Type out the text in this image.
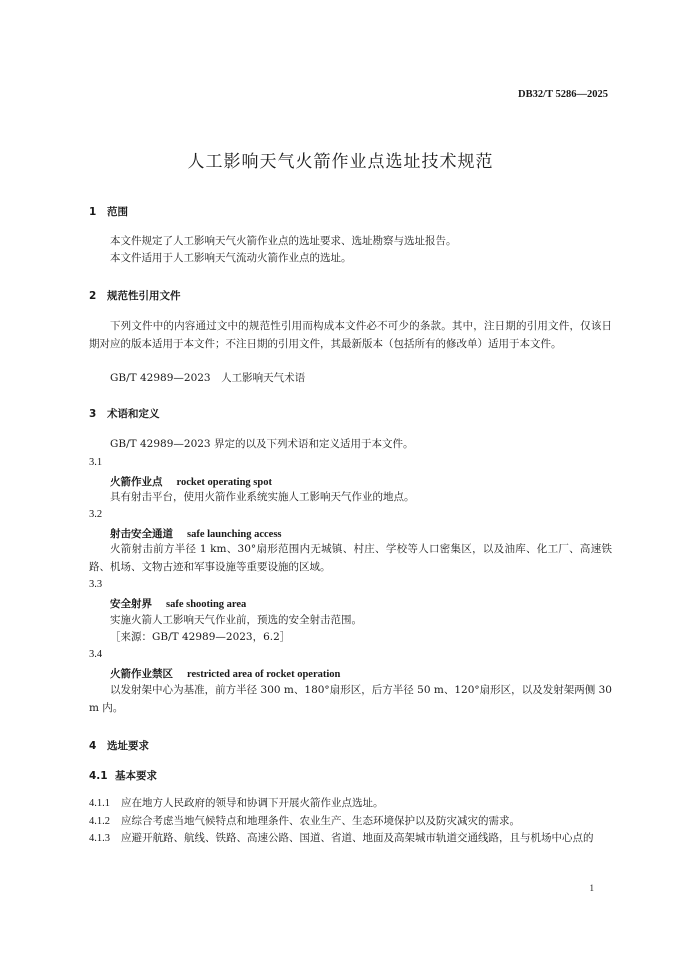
DB32/T 5286—2025
人工影响天气火箭作业点选址技术规范
1 范围
本文件规定了人工影响天气火箭作业点的选址要求、选址勘察与选址报告。
本文件适用于人工影响天气流动火箭作业点的选址。
2 规范性引用文件
下列文件中的内容通过文中的规范性引用而构成本文件必不可少的条款。其中，注日期的引用文件，仅该日期对应的版本适用于本文件；不注日期的引用文件，其最新版本（包括所有的修改单）适用于本文件。
GB/T 42989—2023　人工影响天气术语
3 术语和定义
GB/T 42989—2023 界定的以及下列术语和定义适用于本文件。
3.1
火箭作业点 rocket operating spot
具有射击平台，使用火箭作业系统实施人工影响天气作业的地点。
3.2
射击安全通道 safe launching access
火箭射击前方半径 1 km、30°扇形范围内无城镇、村庄、学校等人口密集区，以及油库、化工厂、高速铁路、机场、文物古迹和军事设施等重要设施的区域。
3.3
安全射界 safe shooting area
实施火箭人工影响天气作业前，预选的安全射击范围。
［来源：GB/T 42989—2023，6.2］
3.4
火箭作业禁区 restricted area of rocket operation
以发射架中心为基准，前方半径 300 m、180°扇形区，后方半径 50 m、120°扇形区，以及发射架两侧 30 m 内。
4 选址要求
4.1 基本要求
4.1.1 应在地方人民政府的领导和协调下开展火箭作业点选址。
4.1.2 应综合考虑当地气候特点和地理条件、农业生产、生态环境保护以及防灾减灾的需求。
4.1.3 应避开航路、航线、铁路、高速公路、国道、省道、地面及高架城市轨道交通线路，且与机场中心点的
1
